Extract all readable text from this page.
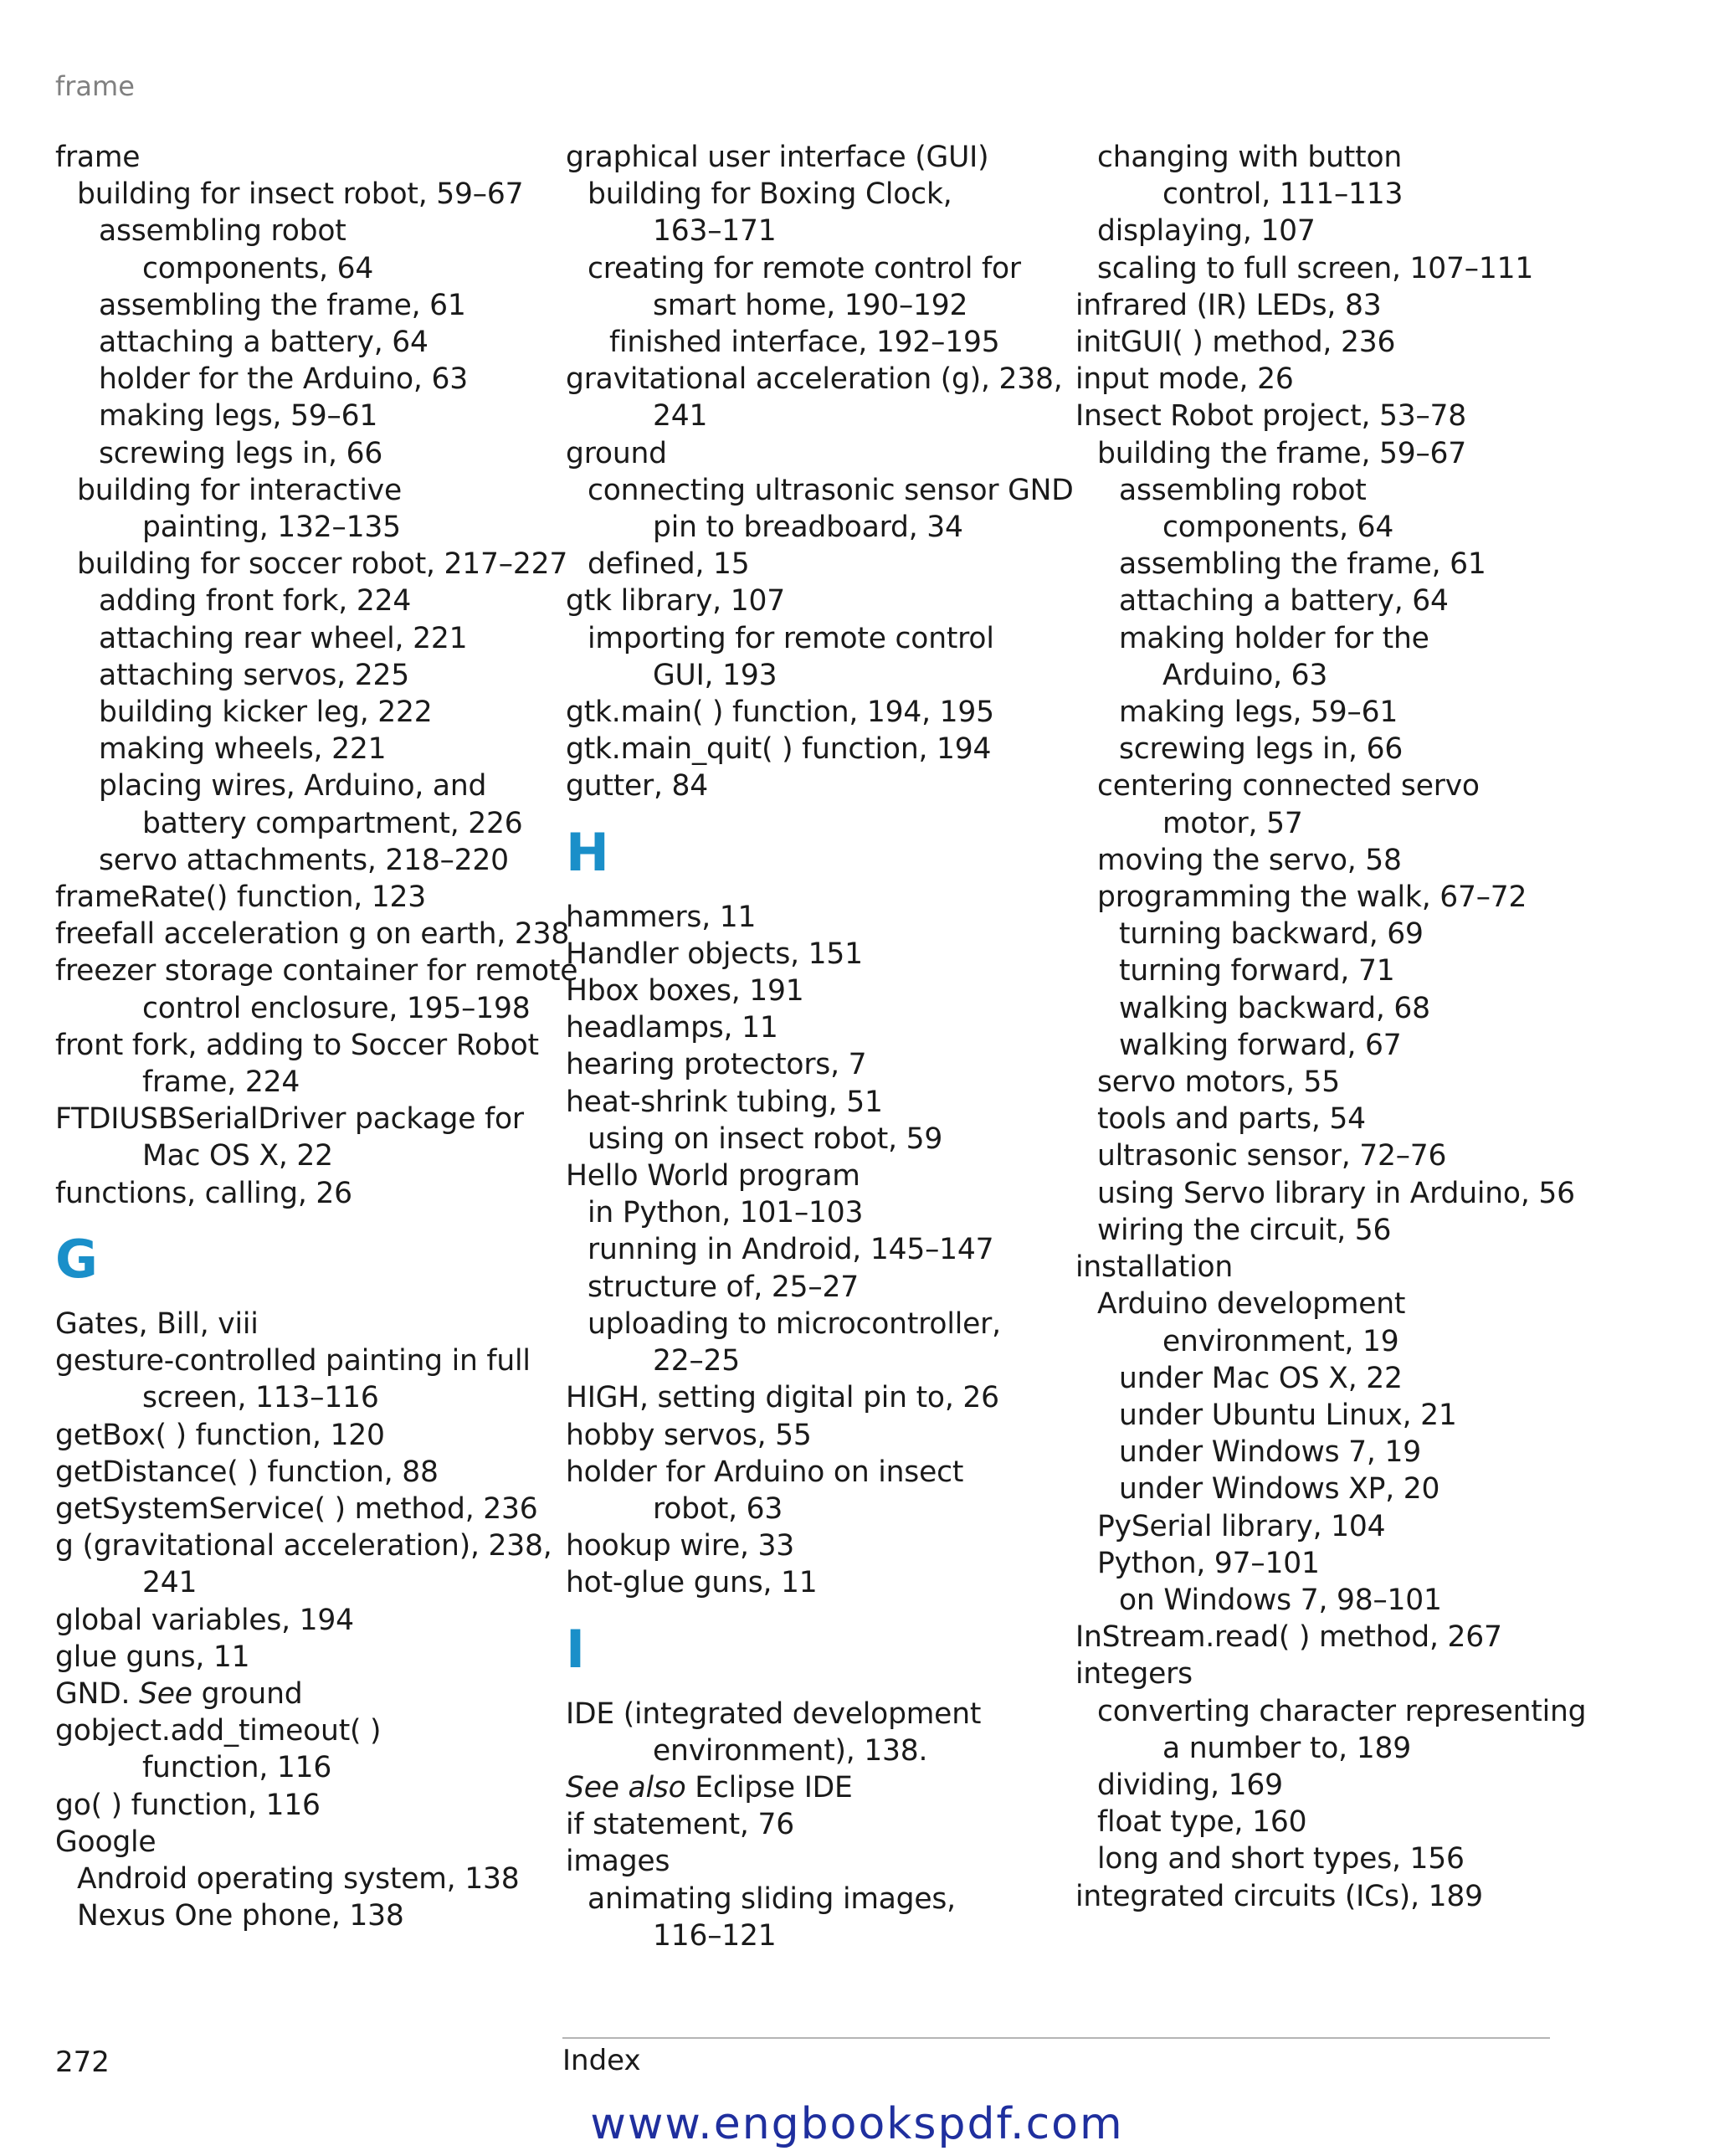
frame
frame
building for insect robot, 59–67
assembling robot
components, 64
assembling the frame, 61
attaching a battery, 64
holder for the Arduino, 63
making legs, 59–61
screwing legs in, 66
building for interactive
painting, 132–135
building for soccer robot, 217–227
adding front fork, 224
attaching rear wheel, 221
attaching servos, 225
building kicker leg, 222
making wheels, 221
placing wires, Arduino, and
battery compartment, 226
servo attachments, 218–220
frameRate() function, 123
freefall acceleration g on earth, 238
freezer storage container for remote
control enclosure, 195–198
front fork, adding to Soccer Robot
frame, 224
FTDIUSBSerialDriver package for
Mac OS X, 22
functions, calling, 26
G
Gates, Bill, viii
gesture-controlled painting in full
screen, 113–116
getBox( ) function, 120
getDistance( ) function, 88
getSystemService( ) method, 236
g (gravitational acceleration), 238,
241
global variables, 194
glue guns, 11
GND. See ground
gobject.add_timeout( )
function, 116
go( ) function, 116
Google
Android operating system, 138
Nexus One phone, 138
graphical user interface (GUI)
building for Boxing Clock,
163–171
creating for remote control for
smart home, 190–192
finished interface, 192–195
gravitational acceleration (g), 238,
241
ground
connecting ultrasonic sensor GND
pin to breadboard, 34
defined, 15
gtk library, 107
importing for remote control
GUI, 193
gtk.main( ) function, 194, 195
gtk.main_quit( ) function, 194
gutter, 84
H
hammers, 11
Handler objects, 151
Hbox boxes, 191
headlamps, 11
hearing protectors, 7
heat-shrink tubing, 51
using on insect robot, 59
Hello World program
in Python, 101–103
running in Android, 145–147
structure of, 25–27
uploading to microcontroller,
22–25
HIGH, setting digital pin to, 26
hobby servos, 55
holder for Arduino on insect
robot, 63
hookup wire, 33
hot-glue guns, 11
I
IDE (integrated development
environment), 138.
See also Eclipse IDE
if statement, 76
images
animating sliding images,
116–121
changing with button
control, 111–113
displaying, 107
scaling to full screen, 107–111
infrared (IR) LEDs, 83
initGUI( ) method, 236
input mode, 26
Insect Robot project, 53–78
building the frame, 59–67
assembling robot
components, 64
assembling the frame, 61
attaching a battery, 64
making holder for the
Arduino, 63
making legs, 59–61
screwing legs in, 66
centering connected servo
motor, 57
moving the servo, 58
programming the walk, 67–72
turning backward, 69
turning forward, 71
walking backward, 68
walking forward, 67
servo motors, 55
tools and parts, 54
ultrasonic sensor, 72–76
using Servo library in Arduino, 56
wiring the circuit, 56
installation
Arduino development
environment, 19
under Mac OS X, 22
under Ubuntu Linux, 21
under Windows 7, 19
under Windows XP, 20
PySerial library, 104
Python, 97–101
on Windows 7, 98–101
InStream.read( ) method, 267
integers
converting character representing
a number to, 189
dividing, 169
float type, 160
long and short types, 156
integrated circuits (ICs), 189
272	Index
www.engbookspdf.com
